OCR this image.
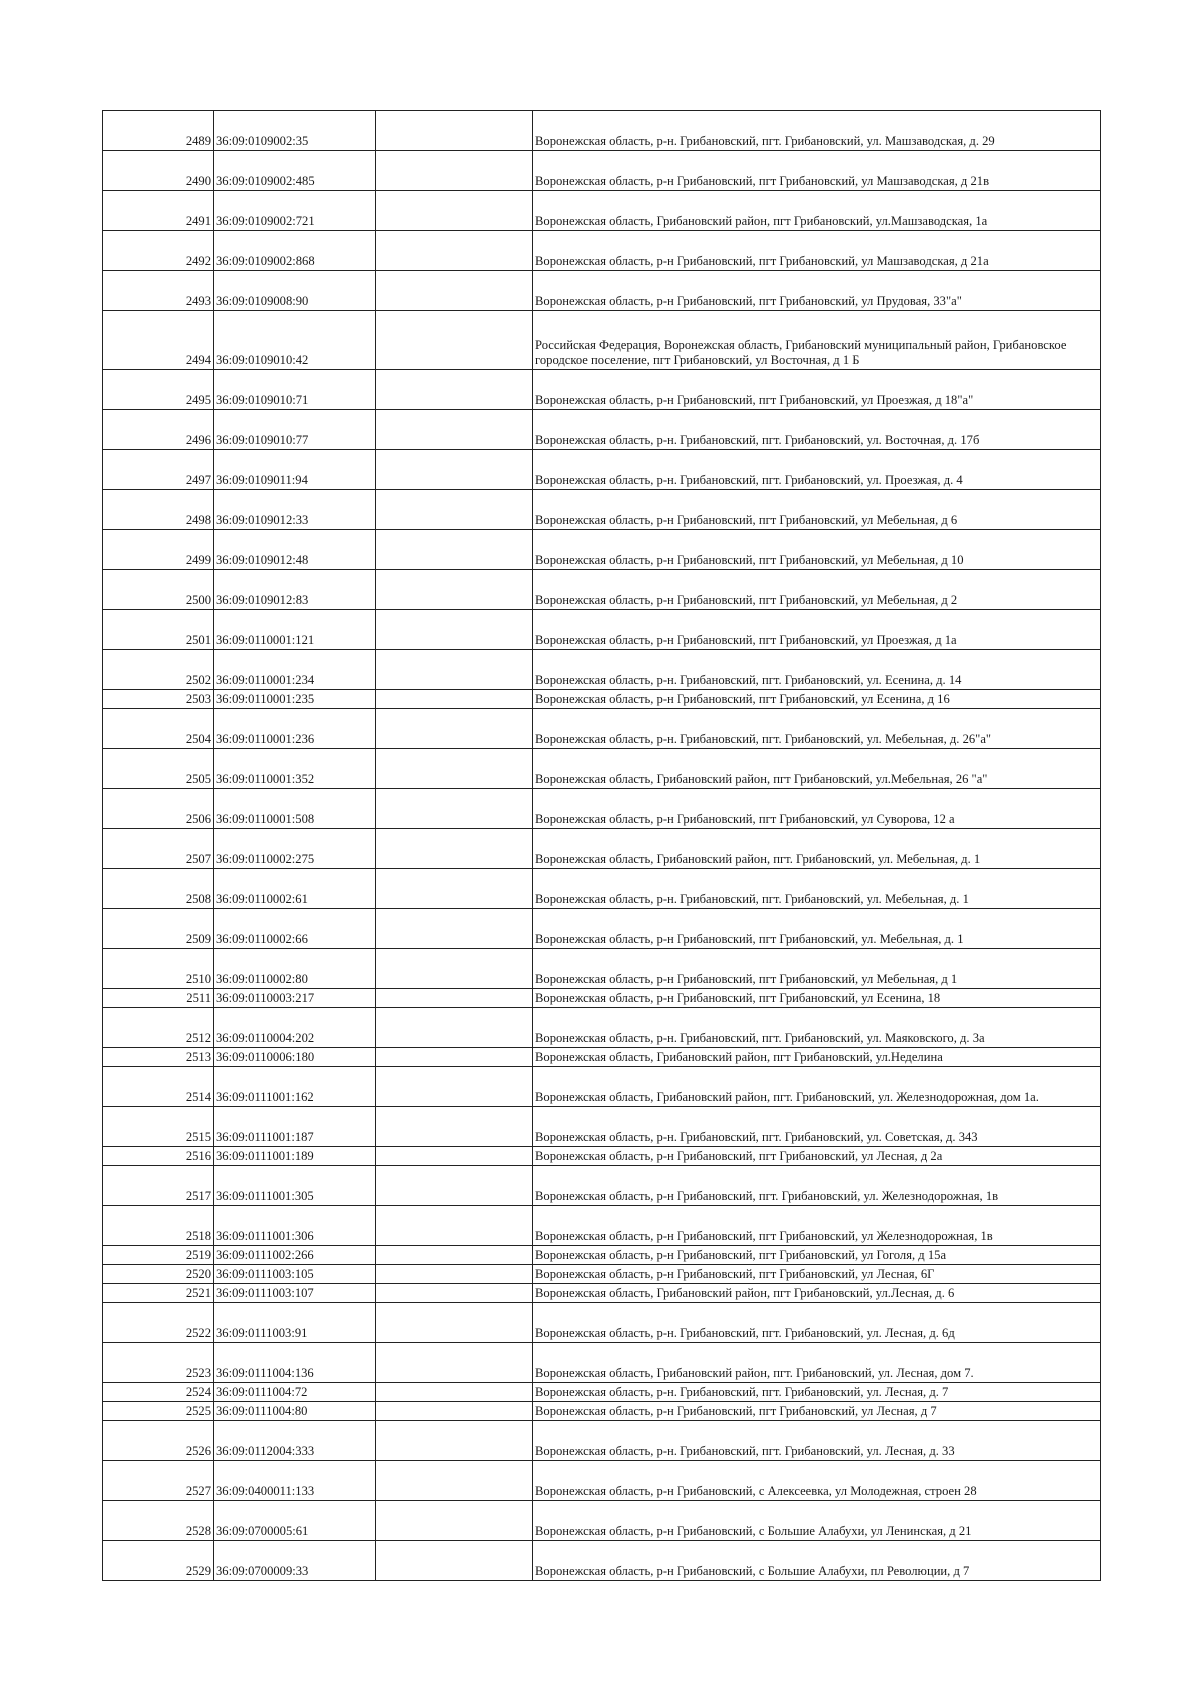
2489	36:09:0109002:35		Воронежская область, р-н. Грибановский, пгт. Грибановский, ул. Машзаводская, д. 29
2490	36:09:0109002:485		Воронежская область, р-н Грибановский, пгт Грибановский, ул Машзаводская, д 21в
2491	36:09:0109002:721		Воронежская область, Грибановский район, пгт Грибановский, ул.Машзаводская, 1а
2492	36:09:0109002:868		Воронежская область, р-н Грибановский, пгт Грибановский, ул Машзаводская, д 21а
2493	36:09:0109008:90		Воронежская область, р-н Грибановский, пгт Грибановский, ул Прудовая, 33"а"
2494	36:09:0109010:42		Российская Федерация, Воронежская область, Грибановский муниципальный район, Грибановское городское поселение, пгт Грибановский, ул Восточная, д 1 Б
2495	36:09:0109010:71		Воронежская область, р-н Грибановский, пгт Грибановский, ул Проезжая, д 18"а"
2496	36:09:0109010:77		Воронежская область, р-н. Грибановский, пгт. Грибановский, ул. Восточная, д. 17б
2497	36:09:0109011:94		Воронежская область, р-н. Грибановский, пгт. Грибановский, ул. Проезжая, д. 4
2498	36:09:0109012:33		Воронежская область, р-н Грибановский, пгт Грибановский, ул Мебельная, д 6
2499	36:09:0109012:48		Воронежская область, р-н Грибановский, пгт Грибановский, ул Мебельная, д 10
2500	36:09:0109012:83		Воронежская область, р-н Грибановский, пгт Грибановский, ул Мебельная, д 2
2501	36:09:0110001:121		Воронежская область, р-н Грибановский, пгт Грибановский, ул Проезжая, д 1а
2502	36:09:0110001:234		Воронежская область, р-н. Грибановский, пгт. Грибановский, ул. Есенина, д. 14
2503	36:09:0110001:235		Воронежская область, р-н Грибановский, пгт Грибановский, ул Есенина, д 16
2504	36:09:0110001:236		Воронежская область, р-н. Грибановский, пгт. Грибановский, ул. Мебельная, д. 26"а"
2505	36:09:0110001:352		Воронежская область, Грибановский район, пгт Грибановский, ул.Мебельная, 26 "а"
2506	36:09:0110001:508		Воронежская область, р-н Грибановский, пгт Грибановский, ул Суворова, 12 а
2507	36:09:0110002:275		Воронежская область, Грибановский район, пгт. Грибановский, ул. Мебельная, д. 1
2508	36:09:0110002:61		Воронежская область, р-н. Грибановский, пгт. Грибановский, ул. Мебельная, д. 1
2509	36:09:0110002:66		Воронежская область, р-н Грибановский, пгт Грибановский, ул. Мебельная, д. 1
2510	36:09:0110002:80		Воронежская область, р-н Грибановский, пгт Грибановский, ул Мебельная, д 1
2511	36:09:0110003:217		Воронежская область, р-н Грибановский, пгт Грибановский, ул Есенина, 18
2512	36:09:0110004:202		Воронежская область, р-н. Грибановский, пгт. Грибановский, ул. Маяковского, д. 3а
2513	36:09:0110006:180		Воронежская область, Грибановский район, пгт Грибановский, ул.Неделина
2514	36:09:0111001:162		Воронежская область, Грибановский район, пгт. Грибановский, ул. Железнодорожная, дом 1а.
2515	36:09:0111001:187		Воронежская область, р-н. Грибановский, пгт. Грибановский, ул. Советская, д. 343
2516	36:09:0111001:189		Воронежская область, р-н Грибановский, пгт Грибановский, ул Лесная, д 2а
2517	36:09:0111001:305		Воронежская область, р-н Грибановский, пгт. Грибановский, ул. Железнодорожная, 1в
2518	36:09:0111001:306		Воронежская область, р-н Грибановский, пгт Грибановский, ул Железнодорожная, 1в
2519	36:09:0111002:266		Воронежская область, р-н Грибановский, пгт Грибановский, ул Гоголя, д 15а
2520	36:09:0111003:105		Воронежская область, р-н Грибановский, пгт Грибановский, ул Лесная, 6Г
2521	36:09:0111003:107		Воронежская область, Грибановский район, пгт Грибановский, ул.Лесная, д. 6
2522	36:09:0111003:91		Воронежская область, р-н. Грибановский, пгт. Грибановский, ул. Лесная, д. 6д
2523	36:09:0111004:136		Воронежская область, Грибановский район, пгт. Грибановский, ул. Лесная, дом 7.
2524	36:09:0111004:72		Воронежская область, р-н. Грибановский, пгт. Грибановский, ул. Лесная, д. 7
2525	36:09:0111004:80		Воронежская область, р-н Грибановский, пгт Грибановский, ул Лесная, д 7
2526	36:09:0112004:333		Воронежская область, р-н. Грибановский, пгт. Грибановский, ул. Лесная, д. 33
2527	36:09:0400011:133		Воронежская область, р-н Грибановский, с Алексеевка, ул Молодежная, строен 28
2528	36:09:0700005:61		Воронежская область, р-н Грибановский, с Большие Алабухи, ул Ленинская, д 21
2529	36:09:0700009:33		Воронежская область, р-н Грибановский, с Большие Алабухи, пл Революции, д 7
